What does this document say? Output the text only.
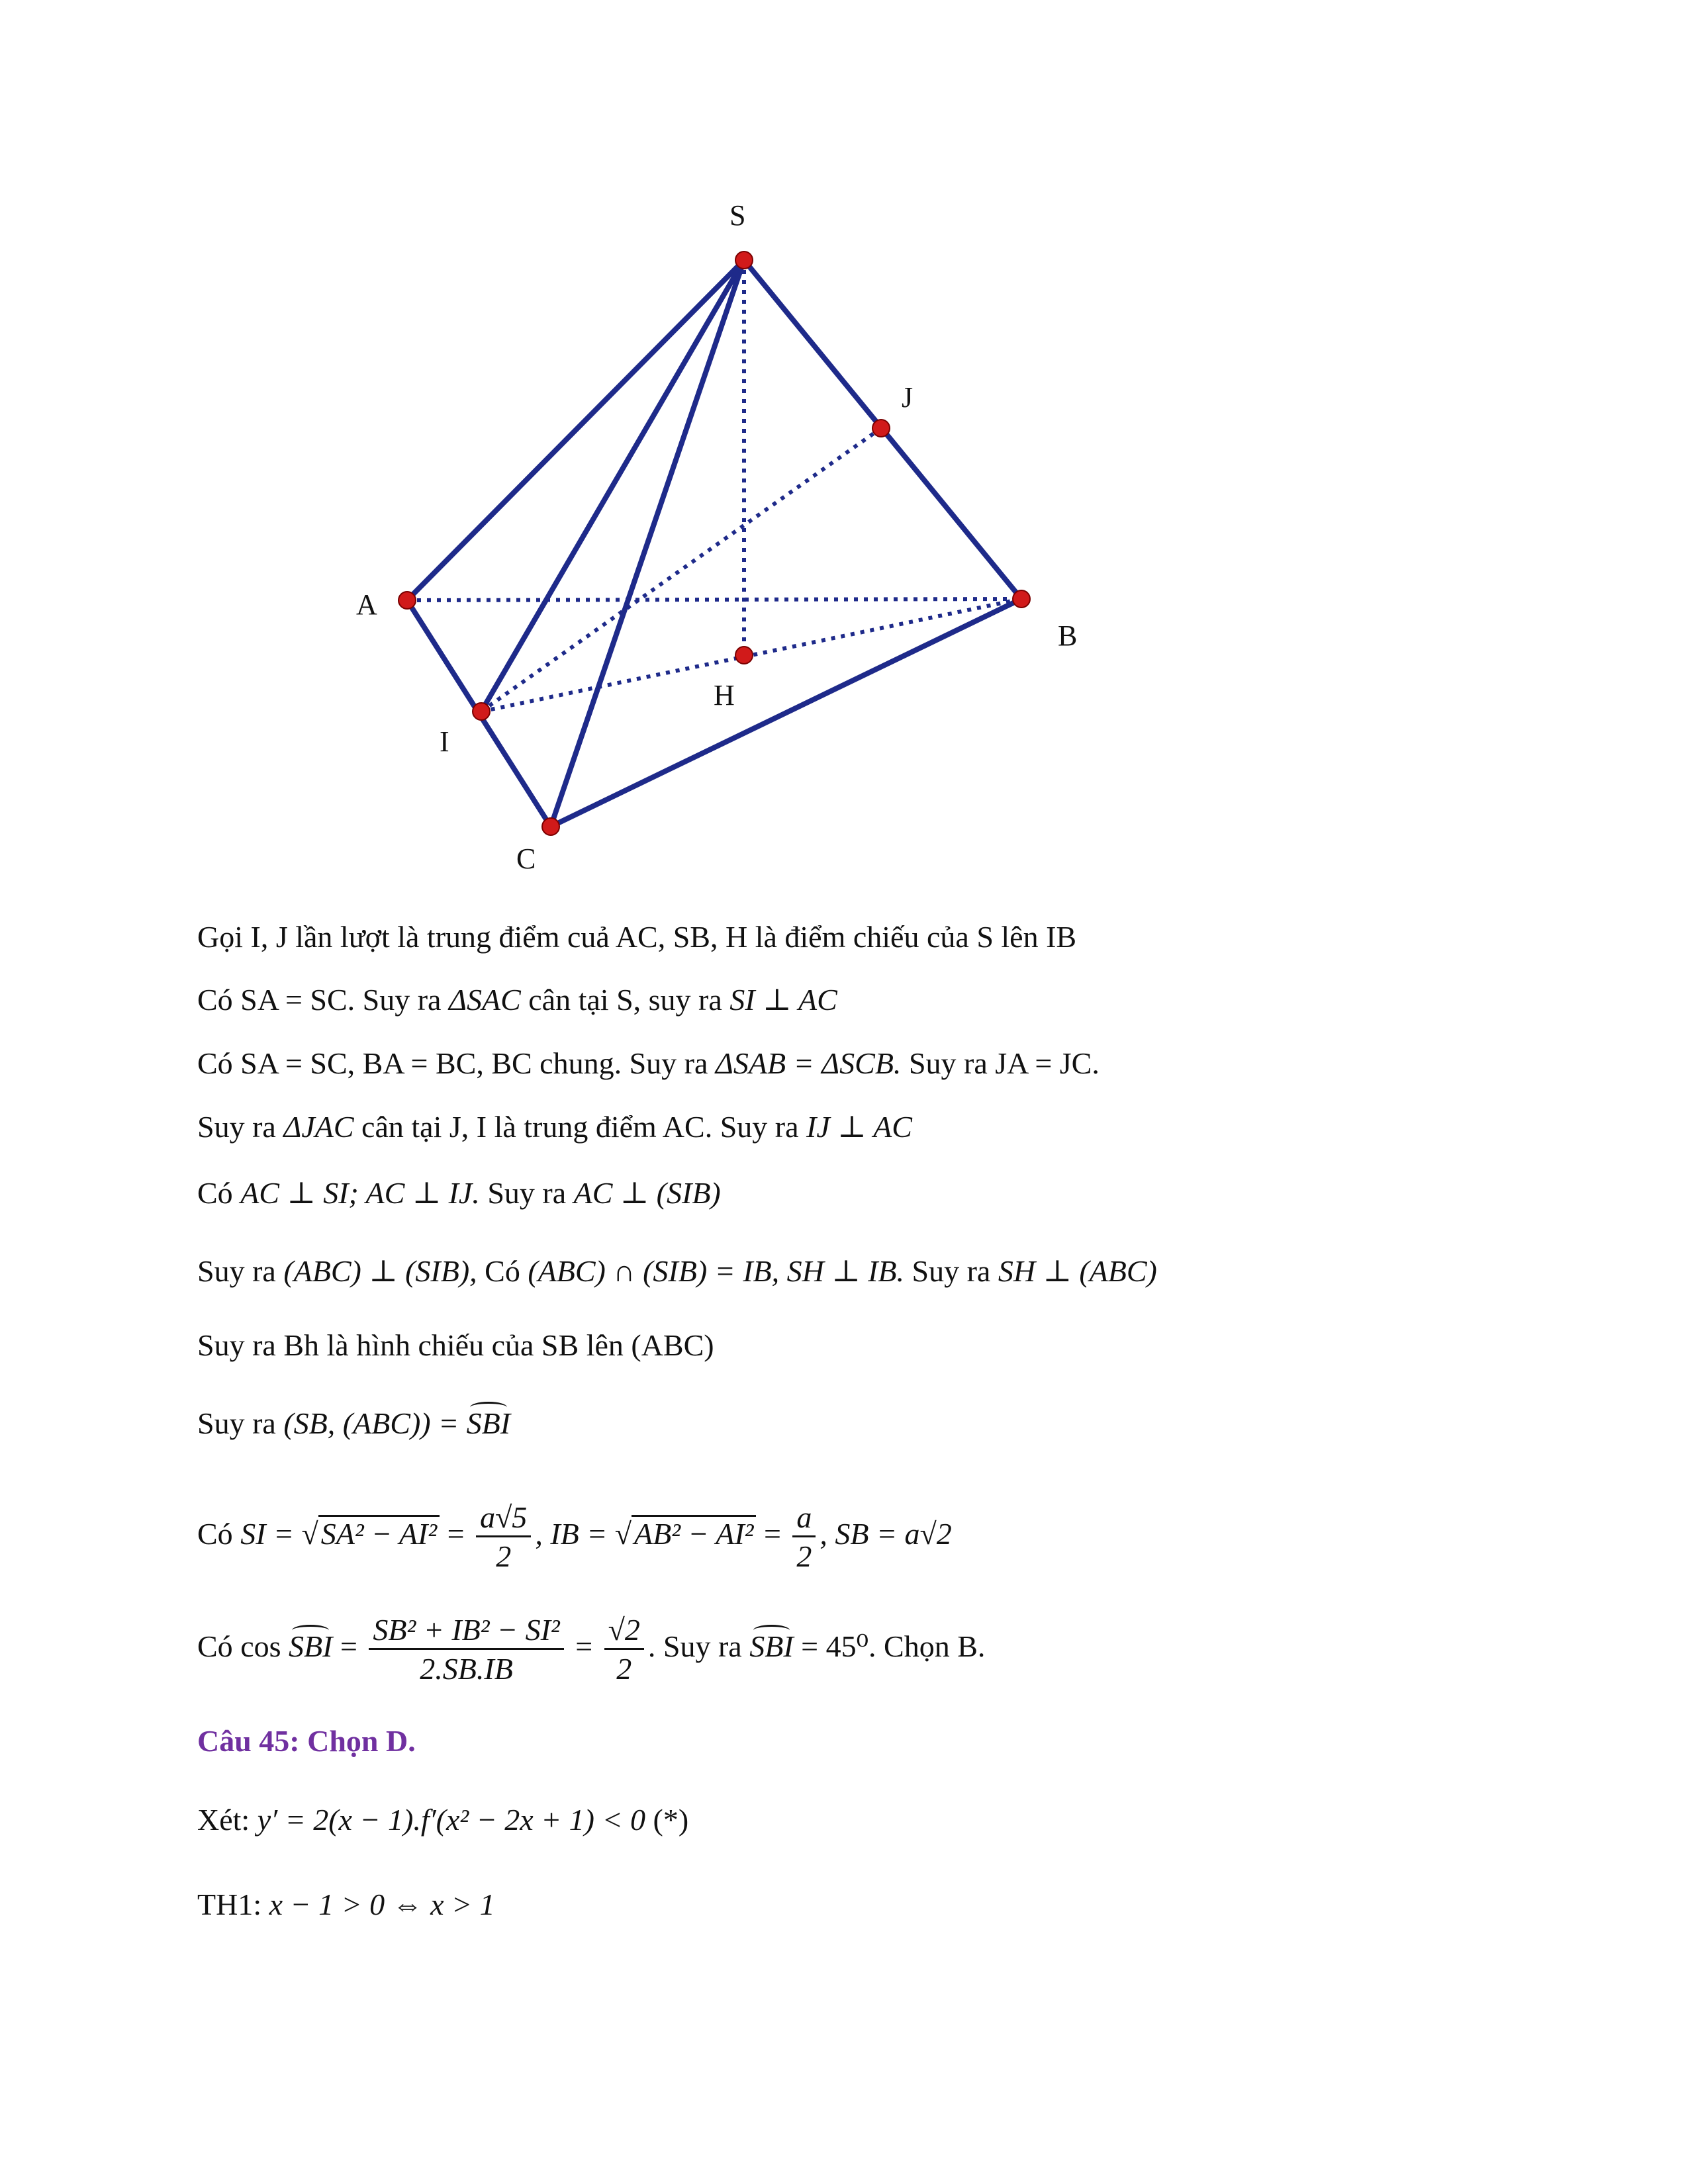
S
J
A
B
H
I
C
Gọi I, J lần lượt là trung điểm cuả AC, SB, H là điểm chiếu của S lên IB
Có SA = SC. Suy ra ΔSAC cân tại S, suy ra SI ⊥ AC
Có SA = SC, BA = BC, BC chung. Suy ra ΔSAB = ΔSCB. Suy ra JA = JC.
Suy ra ΔJAC cân tại J, I là trung điểm AC. Suy ra IJ ⊥ AC
Có AC ⊥ SI; AC ⊥ IJ. Suy ra AC ⊥ (SIB)
Suy ra (ABC) ⊥ (SIB), Có (ABC) ∩ (SIB) = IB, SH ⊥ IB. Suy ra SH ⊥ (ABC)
Suy ra Bh là hình chiếu của SB lên (ABC)
Suy ra (SB, (ABC)) = SBI
Có SI = $√SA^2 - AI^2 = \frac{a√5}{2}$ , IB = $√AB^2 - AI^2 = \frac{a}{2}$ , SB = a√2
Có cos SBI = $\frac{\text{SB² + IB² − SI²}}{2.SB.IB} = \frac{√2}{2}$ . Suy ra SBI = 45⁰. Chọn B.
Câu 45: Chọn D.
Xét: y′ = 2(x − 1).f′(x² − 2x + 1) < 0 (*)
TH1: x − 1 > 0 ⇔ x > 1
